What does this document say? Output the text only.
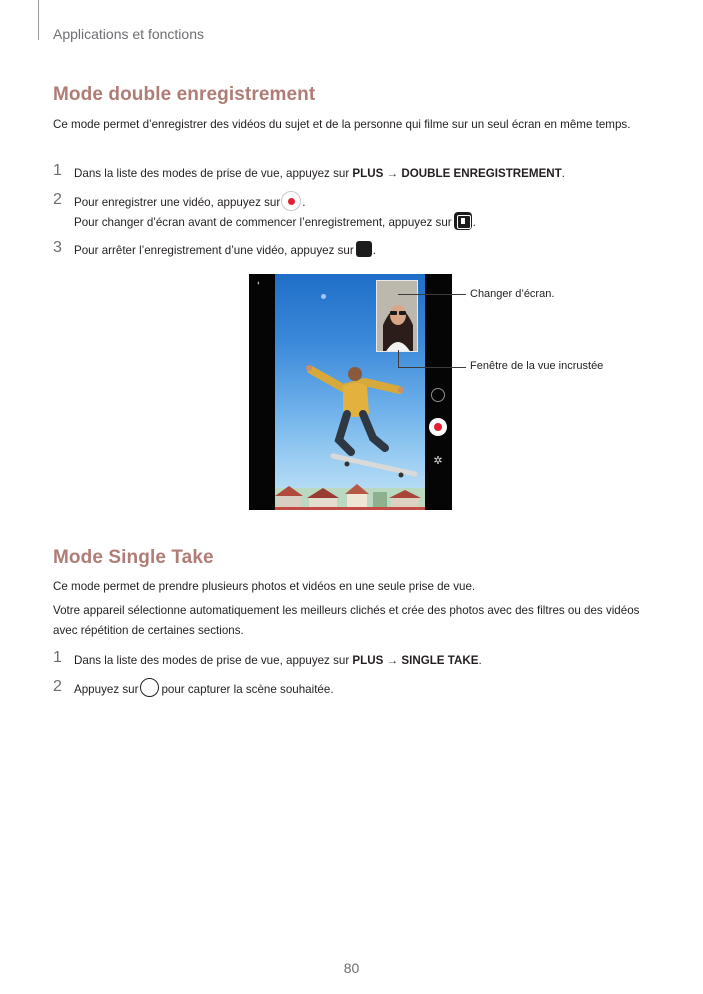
Applications et fonctions
Mode double enregistrement
Ce mode permet d’enregistrer des vidéos du sujet et de la personne qui filme sur un seul écran en même temps.
1 Dans la liste des modes de prise de vue, appuyez sur PLUS → DOUBLE ENREGISTREMENT.
2 Pour enregistrer une vidéo, appuyez sur .
Pour changer d’écran avant de commencer l’enregistrement, appuyez sur .
3 Pour arrêter l’enregistrement d’une vidéo, appuyez sur .
◐
✲
Changer d’écran.
Fenêtre de la vue incrustée
Mode Single Take
Ce mode permet de prendre plusieurs photos et vidéos en une seule prise de vue.
Votre appareil sélectionne automatiquement les meilleurs clichés et crée des photos avec des filtres ou des vidéos avec répétition de certaines sections.
1 Dans la liste des modes de prise de vue, appuyez sur PLUS → SINGLE TAKE.
2 Appuyez sur pour capturer la scène souhaitée.
80
